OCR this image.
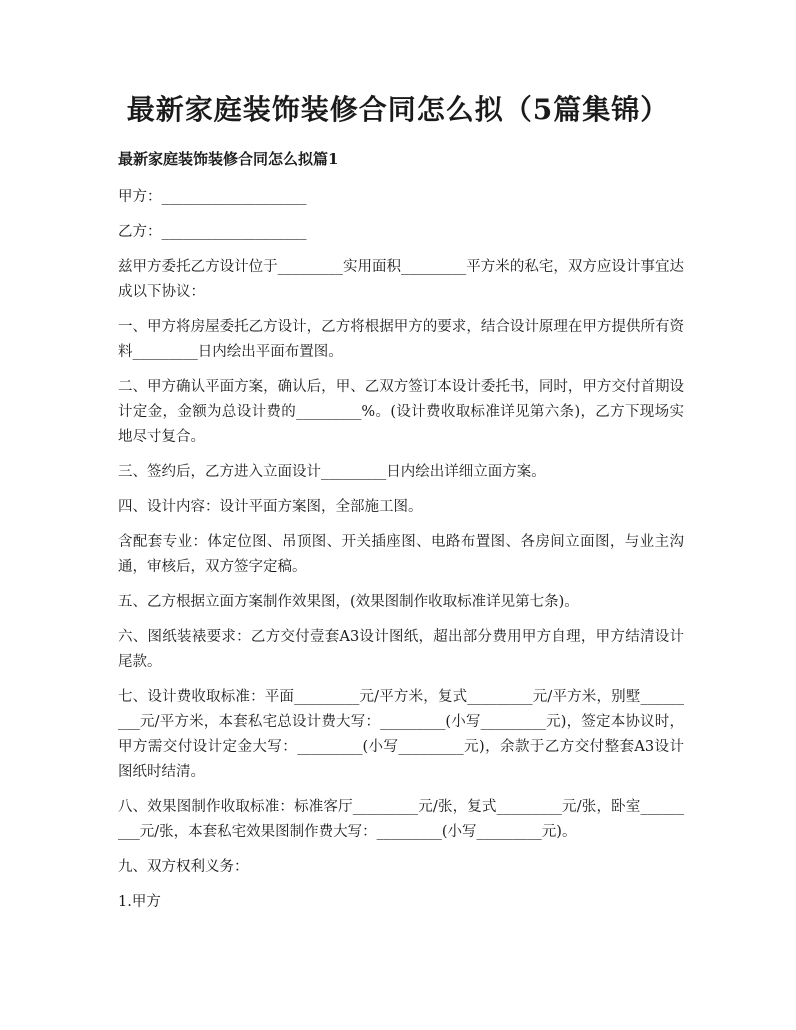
最新家庭装饰装修合同怎么拟（5篇集锦）

最新家庭装饰装修合同怎么拟篇1

甲方：____________________

乙方：____________________

兹甲方委托乙方设计位于_________实用面积_________平方米的私宅，双方应设计事宜达成以下协议：

一、甲方将房屋委托乙方设计，乙方将根据甲方的要求，结合设计原理在甲方提供所有资料_________日内绘出平面布置图。

二、甲方确认平面方案，确认后，甲、乙双方签订本设计委托书，同时，甲方交付首期设计定金，金额为总设计费的_________%。(设计费收取标准详见第六条)，乙方下现场实地尽寸复合。

三、签约后，乙方进入立面设计_________日内绘出详细立面方案。

四、设计内容：设计平面方案图，全部施工图。

含配套专业：体定位图、吊顶图、开关插座图、电路布置图、各房间立面图，与业主沟通，审核后，双方签字定稿。

五、乙方根据立面方案制作效果图，(效果图制作收取标准详见第七条)。

六、图纸装裱要求：乙方交付壹套A3设计图纸，超出部分费用甲方自理，甲方结清设计尾款。

七、设计费收取标准：平面_________元/平方米，复式_________元/平方米，别墅_________元/平方米，本套私宅总设计费大写：_________(小写_________元)，签定本协议时，甲方需交付设计定金大写：_________(小写_________元)，余款于乙方交付整套A3设计图纸时结清。

八、效果图制作收取标准：标准客厅_________元/张，复式_________元/张，卧室_________元/张，本套私宅效果图制作费大写：_________(小写_________元)。

九、双方权利义务：

1.甲方
